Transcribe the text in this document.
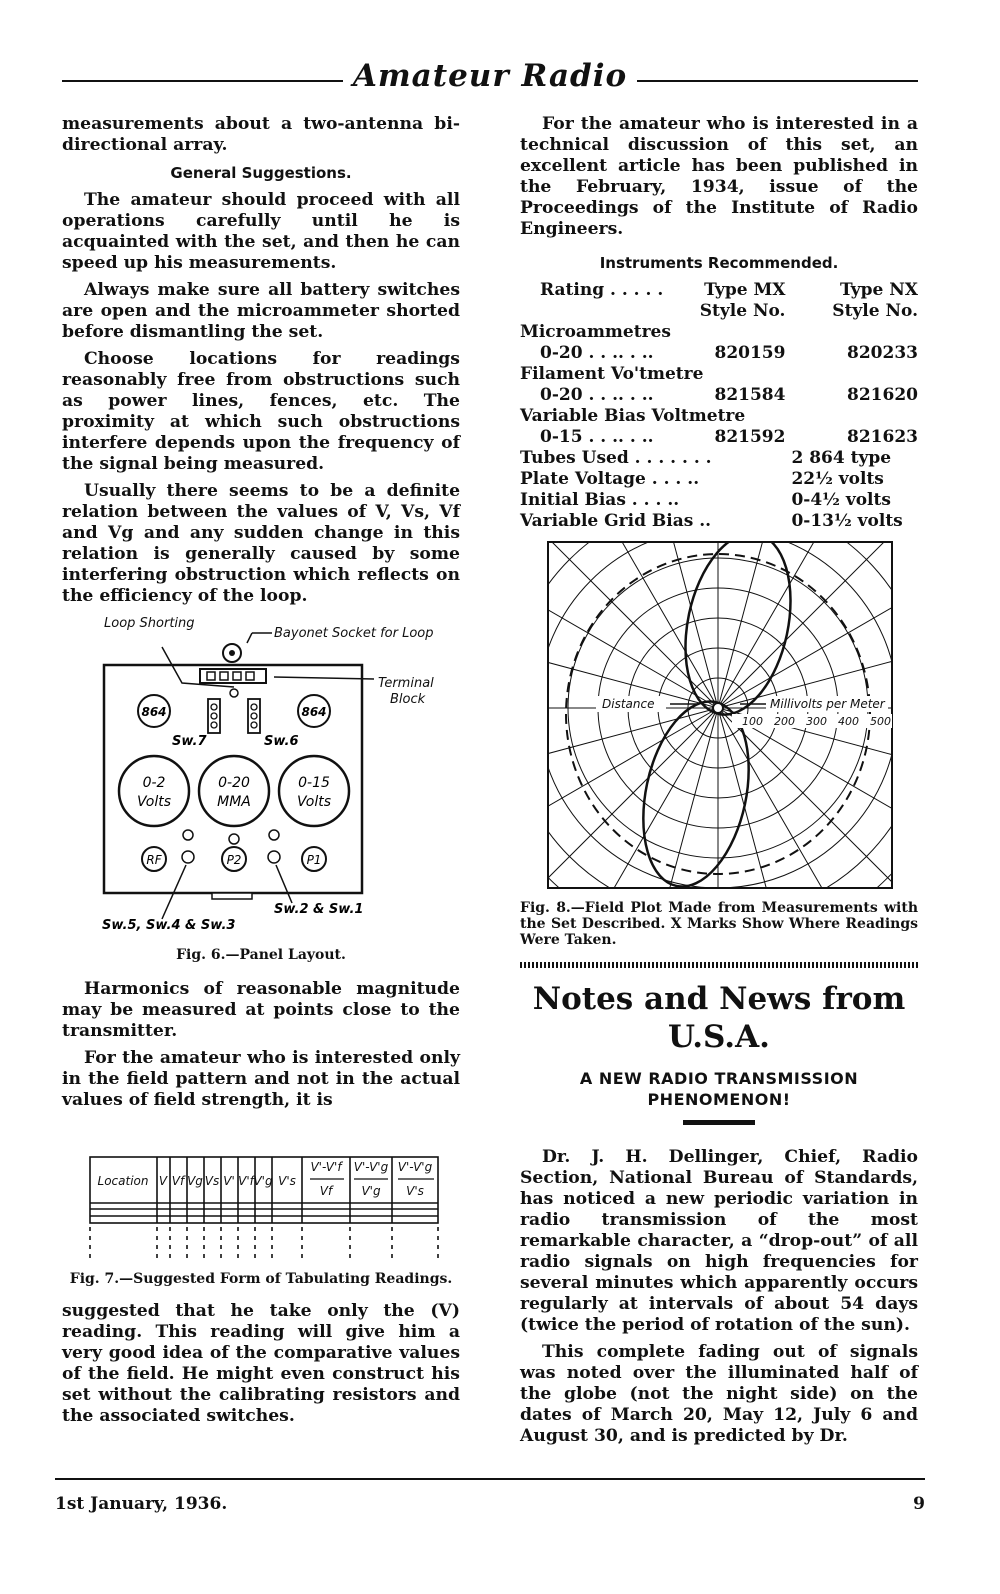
Amateur Radio

measurements about a two-antenna bi-directional array.

General Suggestions.

The amateur should proceed with all operations carefully until he is acquainted with the set, and then he can speed up his measurements.

Always make sure all battery switches are open and the microammeter shorted before dismantling the set.

Choose locations for readings reasonably free from obstructions such as power lines, fences, etc. The proximity at which such obstructions interfere depends upon the frequency of the signal being measured.

Usually there seems to be a definite relation between the values of V, Vs, Vf and Vg and any sudden change in this relation is generally caused by some interfering obstruction which reflects on the efficiency of the loop.

Loop Shorting
Bayonet Socket for Loop
Terminal
Block
864	864
Sw.7	Sw.6
0-2
Volts
0-20
MMA
0-15
Volts
RF	P2	P1
Sw.5, Sw.4 & Sw.3
Sw.2 & Sw.1
Fig. 6.—Panel Layout.

Harmonics of reasonable magnitude may be measured at points close to the transmitter.

For the amateur who is interested only in the field pattern and not in the actual values of field strength, it is

Location V Vf Vg Vs V' V'f V'g V's
V'-V'f
Vf
V'-V'g
V'g
V'-V'g
V's
Fig. 7.—Suggested Form of Tabulating Readings.

suggested that he take only the (V) reading. This reading will give him a very good idea of the comparative values of the field. He might even construct his set without the calibrating resistors and the associated switches.

For the amateur who is interested in a technical discussion of this set, an excellent article has been published in the February, 1934, issue of the Proceedings of the Institute of Radio Engineers.

Instruments Recommended.
Rating . . . . .	Type MX	Type NX
	Style No.	Style No.
Microammetres		
0-20 . . .. . ..	820159	820233
Filament Vo'tmetre		
0-20 . . .. . ..	821584	821620
Variable Bias Voltmetre		
0-15 . . .. . ..	821592	821623
Tubes Used . . . . . . .		2 864 type
Plate Voltage . . . ..		22½ volts
Initial Bias . . . ..		0-4½ volts
Variable Grid Bias ..		0-13½ volts
Distance	Millivolts per Meter
100 200 300 400 500
Fig. 8.—Field Plot Made from Measurements with the Set Described. X Marks Show Where Readings Were Taken.
Notes and News from U.S.A.
A NEW RADIO TRANSMISSION PHENOMENON!

Dr. J. H. Dellinger, Chief, Radio Section, National Bureau of Standards, has noticed a new periodic variation in radio transmission of the most remarkable character, a “drop-out” of all radio signals on high frequencies for several minutes which apparently occurs regularly at intervals of about 54 days (twice the period of rotation of the sun).

This complete fading out of signals was noted over the illuminated half of the globe (not the night side) on the dates of March 20, May 12, July 6 and August 30, and is predicted by Dr.

1st January, 1936.	9
